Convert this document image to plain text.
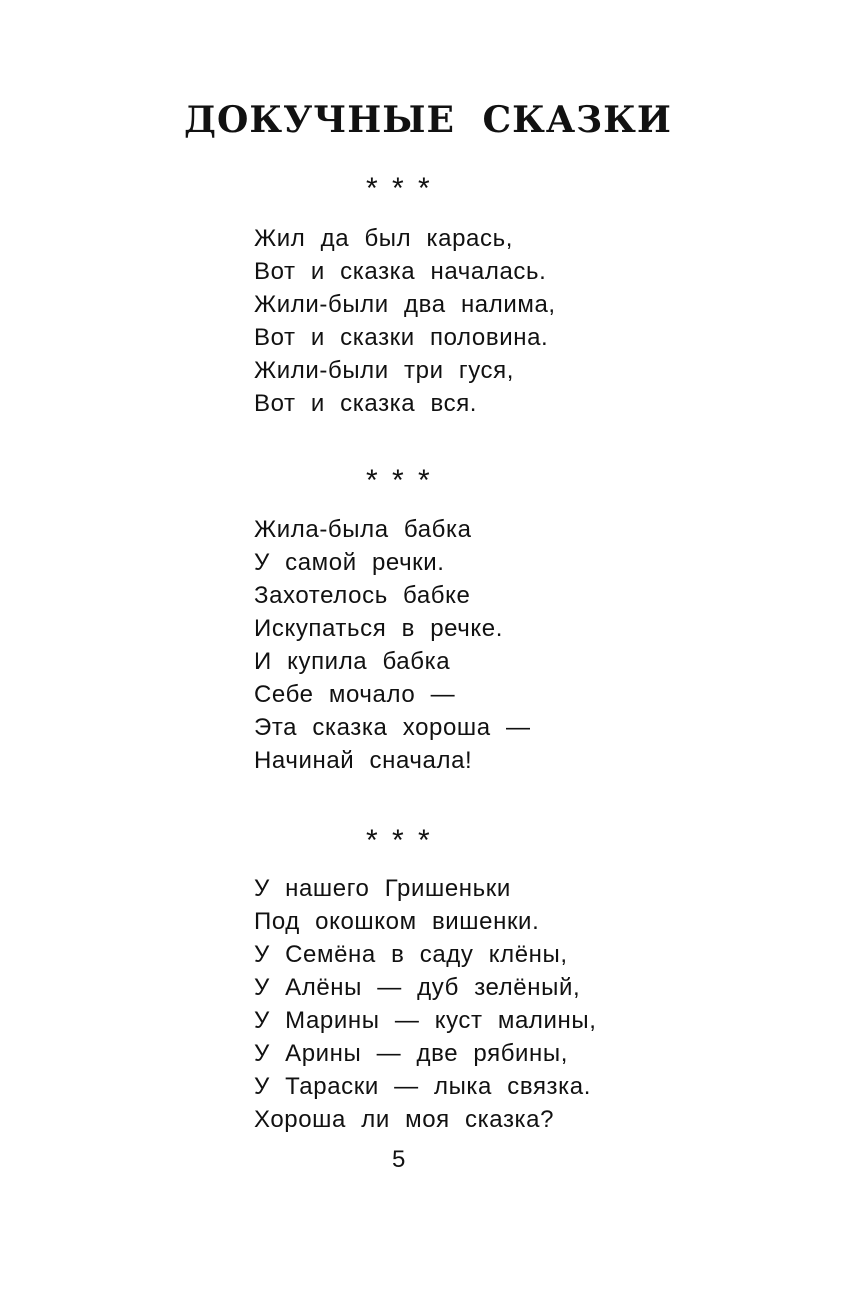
ДОКУЧНЫЕ СКАЗКИ

* * *

Жил да был карась,
Вот и сказка началась.
Жили-были два налима,
Вот и сказки половина.
Жили-были три гуся,
Вот и сказка вся.

* * *

Жила-была бабка
У самой речки.
Захотелось бабке
Искупаться в речке.
И купила бабка
Себе мочало —
Эта сказка хороша —
Начинай сначала!

* * *

У нашего Гришеньки
Под окошком вишенки.
У Семёна в саду клёны,
У Алёны — дуб зелёный,
У Марины — куст малины,
У Арины — две рябины,
У Тараски — лыка связка.
Хороша ли моя сказка?

5
